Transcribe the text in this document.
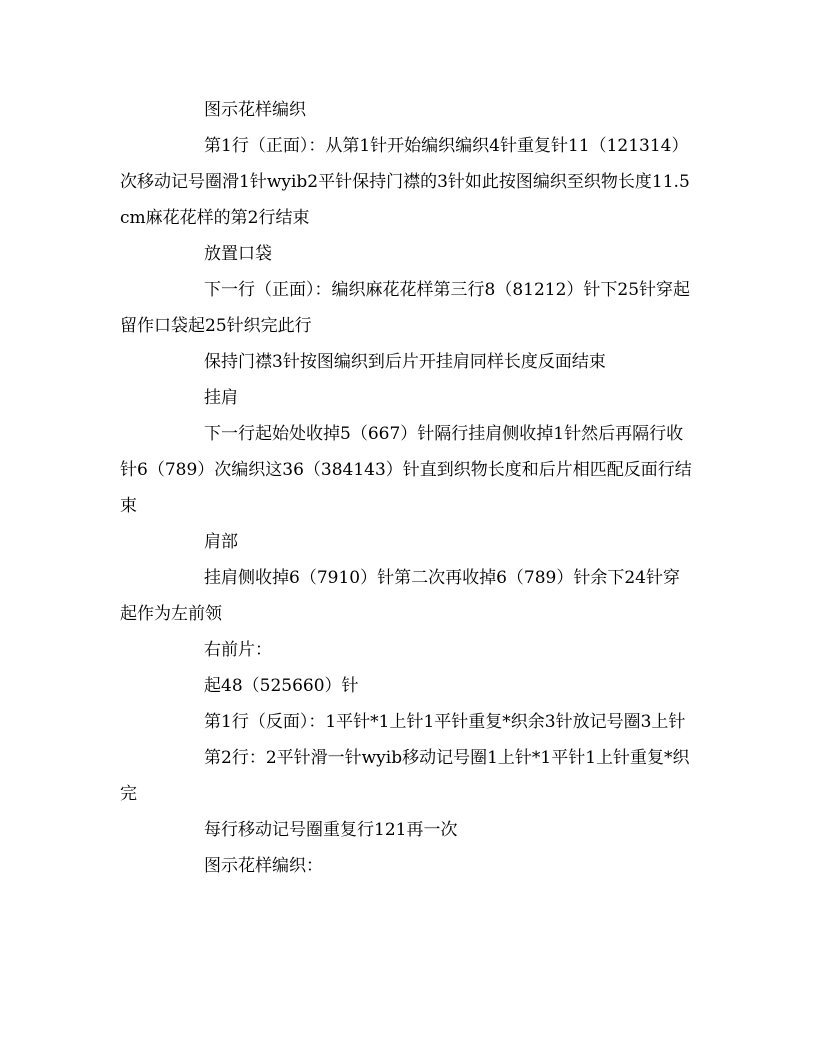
图示花样编织

第1行（正面）：从第1针开始编织编织4针重复针11（121314）次移动记号圈滑1针wyib2平针保持门襟的3针如此按图编织至织物长度11.5cm麻花花样的第2行结束

放置口袋

下一行（正面）：编织麻花花样第三行8（81212）针下25针穿起留作口袋起25针织完此行

保持门襟3针按图编织到后片开挂肩同样长度反面结束

挂肩

下一行起始处收掉5（667）针隔行挂肩侧收掉1针然后再隔行收针6（789）次编织这36（384143）针直到织物长度和后片相匹配反面行结束

肩部

挂肩侧收掉6（7910）针第二次再收掉6（789）针余下24针穿起作为左前领

右前片：

起48（525660）针

第1行（反面）：1平针*1上针1平针重复*织余3针放记号圈3上针

第2行：2平针滑一针wyib移动记号圈1上针*1平针1上针重复*织完

每行移动记号圈重复行121再一次

图示花样编织：
